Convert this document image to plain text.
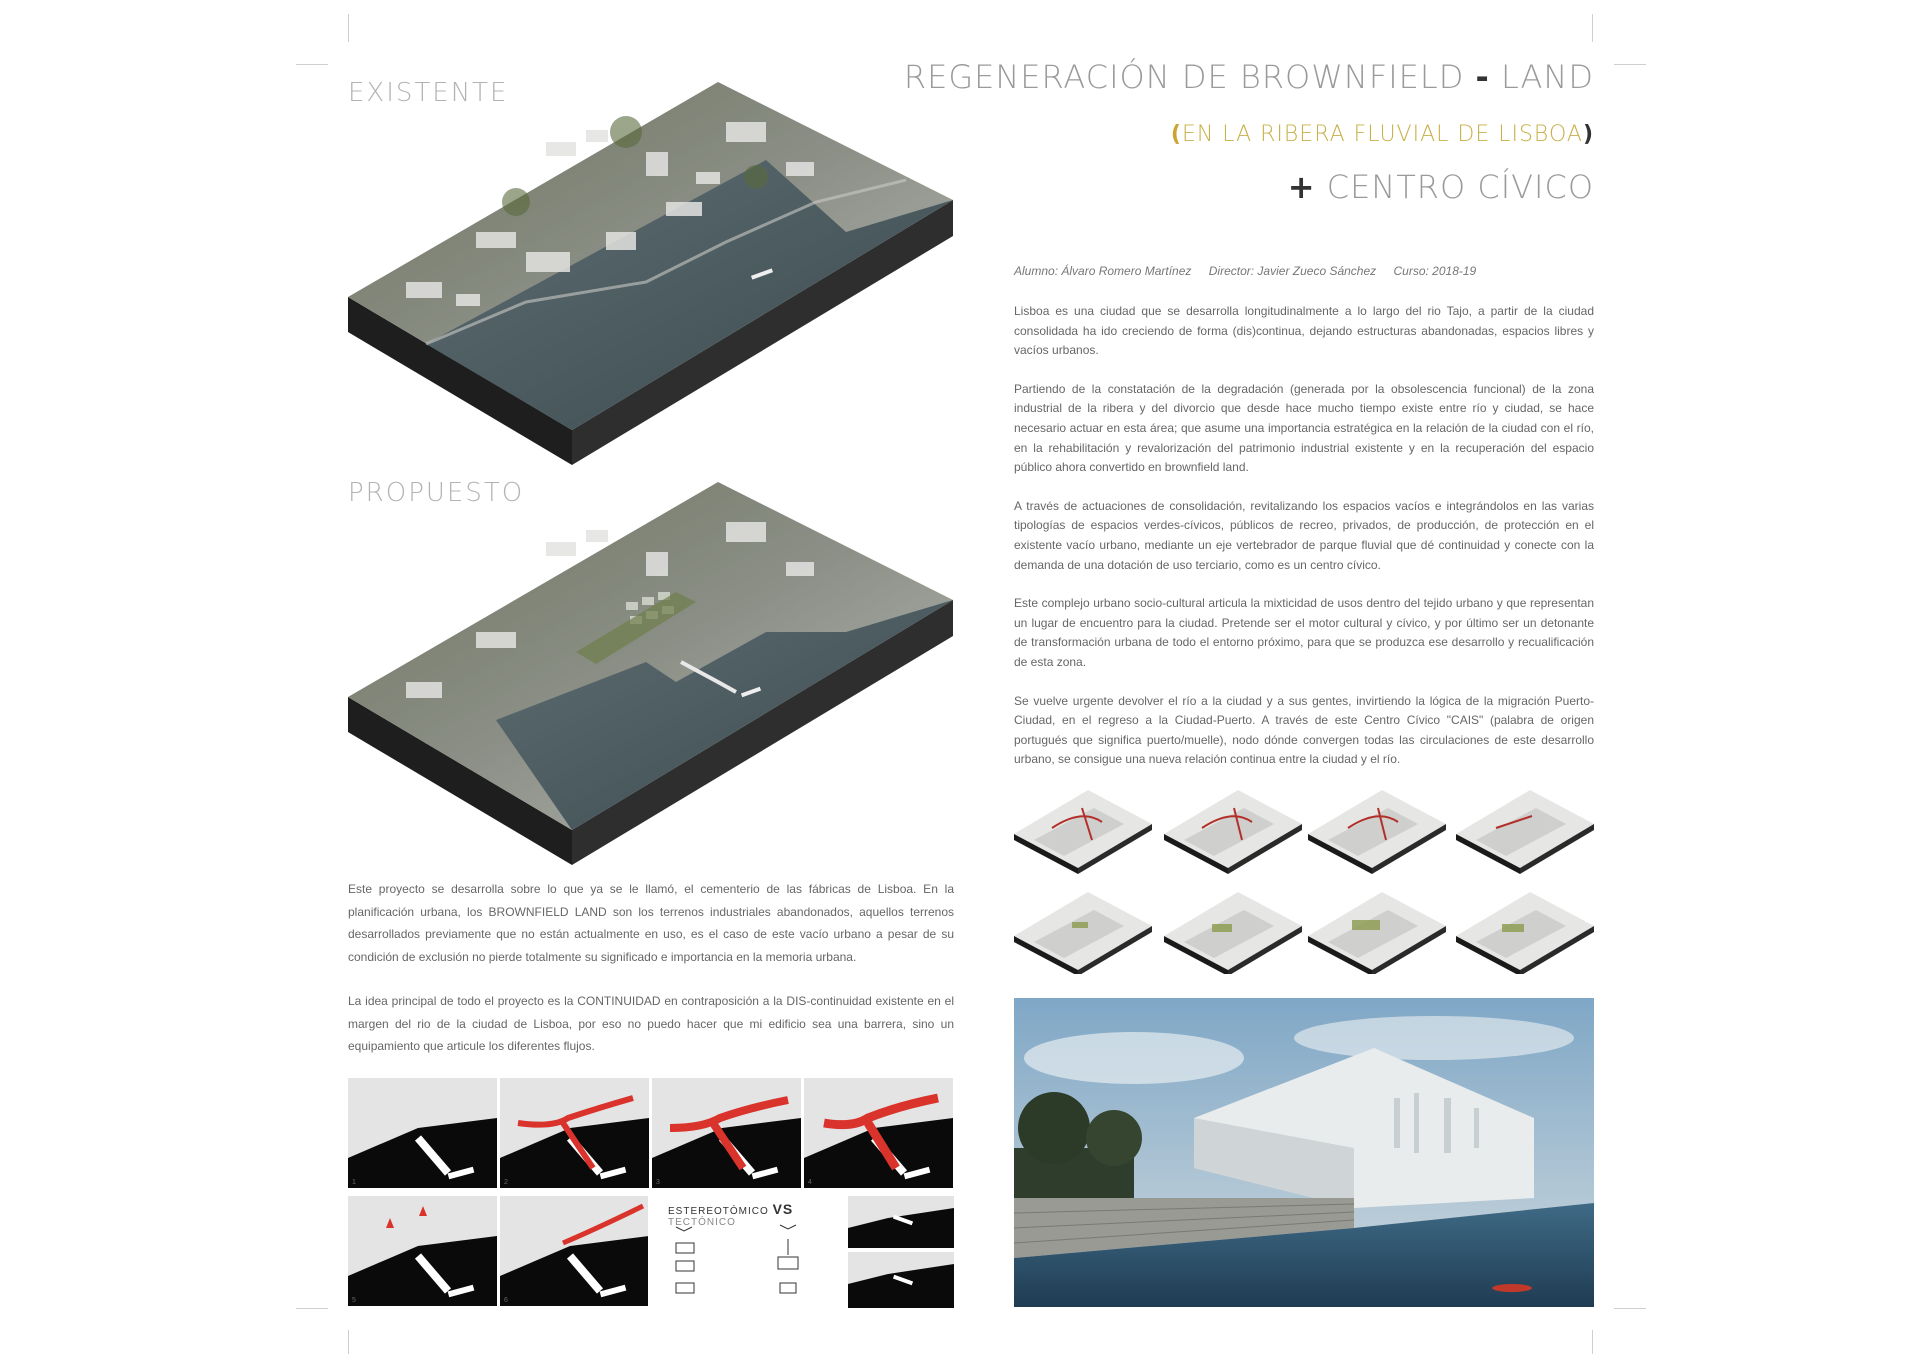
EXISTENTE
PROPUESTO
REGENERACIÓN DE BROWNFIELD - LAND
(EN LA RIBERA FLUVIAL DE LISBOA)
+ CENTRO CÍVICO
Alumno: Álvaro Romero Martínez Director: Javier Zueco Sánchez Curso: 2018-19

Lisboa es una ciudad que se desarrolla longitudinalmente a lo largo del rio Tajo, a partir de la ciudad consolidada ha ido creciendo de forma (dis)continua, dejando estructuras abandonadas, espacios libres y vacíos urbanos.

Partiendo de la constatación de la degradación (generada por la obsolescencia funcional) de la zona industrial de la ribera y del divorcio que desde hace mucho tiempo existe entre río y ciudad, se hace necesario actuar en esta área; que asume una importancia estratégica en la relación de la ciudad con el río, en la rehabilitación y revalorización del patrimonio industrial existente y en la recuperación del espacio público ahora convertido en brownfield land.

A través de actuaciones de consolidación, revitalizando los espacios vacíos e integrándolos en las varias tipologías de espacios verdes-cívicos, públicos de recreo, privados, de producción, de protección en el existente vacío urbano, mediante un eje vertebrador de parque fluvial que dé continuidad y conecte con la demanda de una dotación de uso terciario, como es un centro cívico.

Este complejo urbano socio-cultural articula la mixticidad de usos dentro del tejido urbano y que representan un lugar de encuentro para la ciudad. Pretende ser el motor cultural y cívico, y por último ser un detonante de transformación urbana de todo el entorno próximo, para que se produzca ese desarrollo y recualificación de esta zona.

Se vuelve urgente devolver el río a la ciudad y a sus gentes, invirtiendo la lógica de la migración Puerto-Ciudad, en el regreso a la Ciudad-Puerto. A través de este Centro Cívico "CAIS" (palabra de origen portugués que significa puerto/muelle), nodo dónde convergen todas las circulaciones de este desarrollo urbano, se consigue una nueva relación continua entre la ciudad y el río.

Este proyecto se desarrolla sobre lo que ya se le llamó, el cementerio de las fábricas de Lisboa. En la planificación urbana, los BROWNFIELD LAND son los terrenos industriales abandonados, aquellos terrenos desarrollados previamente que no están actualmente en uso, es el caso de este vacío urbano a pesar de su condición de exclusión no pierde totalmente su significado e importancia en la memoria urbana.

La idea principal de todo el proyecto es la CONTINUIDAD en contraposición a la DIS-continuidad existente en el margen del rio de la ciudad de Lisboa, por eso no puedo hacer que mi edificio sea una barrera, sino un equipamiento que articule los diferentes flujos.

1	2	3	4
5	6
ESTEREOTÓMICO VS TECTÓNICO
